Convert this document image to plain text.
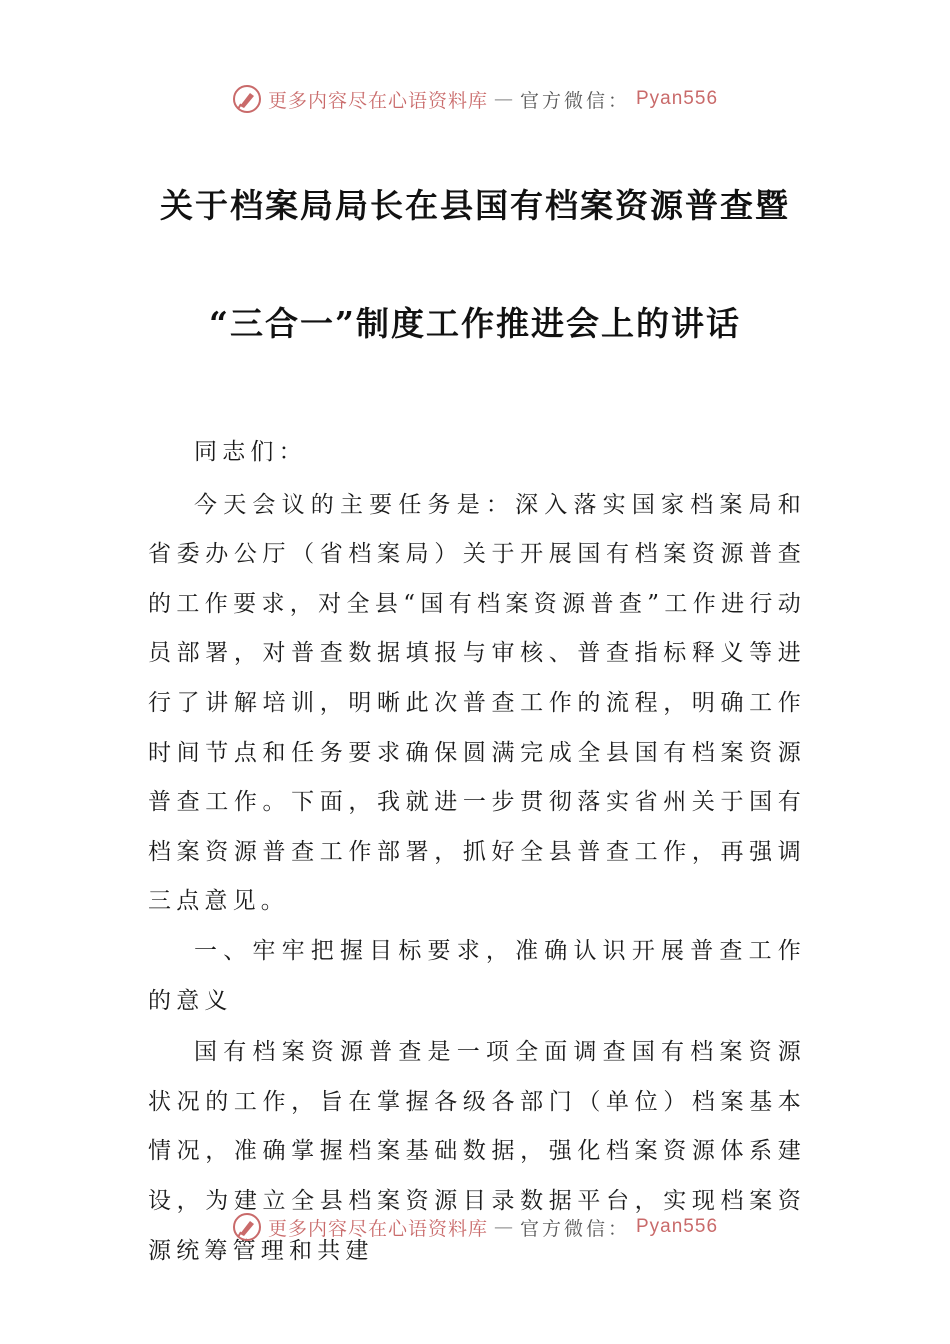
更多内容尽在心语资料库 — 官方微信： Pyan556
关于档案局局长在县国有档案资源普查暨
“三合一”制度工作推进会上的讲话

同志们：

今天会议的主要任务是：深入落实国家档案局和省委办公厅（省档案局）关于开展国有档案资源普查的工作要求，对全县“国有档案资源普查”工作进行动员部署，对普查数据填报与审核、普查指标释义等进行了讲解培训，明晰此次普查工作的流程，明确工作时间节点和任务要求确保圆满完成全县国有档案资源普查工作。下面，我就进一步贯彻落实省州关于国有档案资源普查工作部署，抓好全县普查工作，再强调三点意见。

一、牢牢把握目标要求，准确认识开展普查工作的意义

国有档案资源普查是一项全面调查国有档案资源状况的工作，旨在掌握各级各部门（单位）档案基本情况，准确掌握档案基础数据，强化档案资源体系建设，为建立全县档案资源目录数据平台，实现档案资源统筹管理和共建

更多内容尽在心语资料库 — 官方微信： Pyan556
